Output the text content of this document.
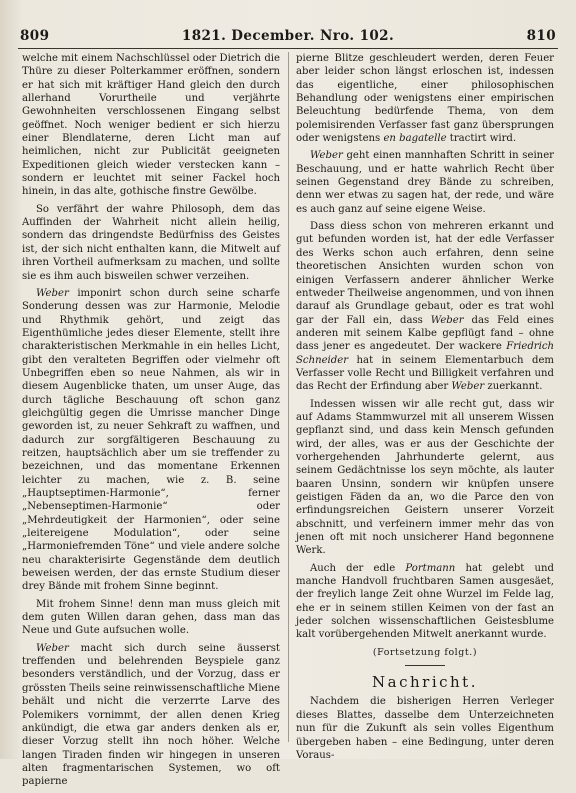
809	1821. December. Nro. 102.	810

welche mit einem Nachschlüssel oder Dietrich die Thüre zu dieser Polterkammer eröffnen, sondern er hat sich mit kräftiger Hand gleich den durch allerhand Vorurtheile und verjährte Gewohnheiten verschlossenen Eingang selbst geöffnet. Noch weniger bedient er sich hierzu einer Blendlaterne, deren Licht man auf heimlichen, nicht zur Publicität geeigneten Expeditionen gleich wieder verstecken kann – sondern er leuchtet mit seiner Fackel hoch hinein, in das alte, gothische finstre Gewölbe.

So verfährt der wahre Philosoph, dem das Auffinden der Wahrheit nicht allein heilig, sondern das dringendste Bedürfniss des Geistes ist, der sich nicht enthalten kann, die Mitwelt auf ihren Vortheil aufmerksam zu machen, und sollte sie es ihm auch bisweilen schwer verzeihen.

Weber imponirt schon durch seine scharfe Sonderung dessen was zur Harmonie, Melodie und Rhythmik gehört, und zeigt das Eigenthümliche jedes dieser Elemente, stellt ihre charakteristischen Merkmahle in ein helles Licht, gibt den veralteten Begriffen oder vielmehr oft Unbegriffen eben so neue Nahmen, als wir in diesem Augenblicke thaten, um unser Auge, das durch tägliche Beschauung oft schon ganz gleichgültig gegen die Umrisse mancher Dinge geworden ist, zu neuer Sehkraft zu waffnen, und dadurch zur sorgfältigeren Beschauung zu reitzen, hauptsächlich aber um sie treffender zu bezeichnen, und das momentane Erkennen leichter zu machen, wie z. B. seine „Hauptseptimen-Harmonie“, ferner „Nebenseptimen-Harmonie“ oder „Mehrdeutigkeit der Harmonien“, oder seine „leitereigene Modulation“, oder seine „Harmoniefremden Töne“ und viele andere solche neu charakterisirte Gegenstände dem deutlich beweisen werden, der das ernste Studium dieser drey Bände mit frohem Sinne beginnt.

Mit frohem Sinne! denn man muss gleich mit dem guten Willen daran gehen, dass man das Neue und Gute aufsuchen wolle.

Weber macht sich durch seine äusserst treffenden und belehrenden Beyspiele ganz besonders verständlich, und der Vorzug, dass er grössten Theils seine reinwissenschaftliche Miene behält und nicht die verzerrte Larve des Polemikers vornimmt, der allen denen Krieg ankündigt, die etwa gar anders denken als er, dieser Vorzug stellt ihn noch höher. Welche langen Tiraden finden wir hingegen in unseren alten fragmentarischen Systemen, wo oft papierne

pierne Blitze geschleudert werden, deren Feuer aber leider schon längst erloschen ist, indessen das eigentliche, einer philosophischen Behandlung oder wenigstens einer empirischen Beleuchtung bedürfende Thema, von dem polemisirenden Verfasser fast ganz übersprungen oder wenigstens en bagatelle tractirt wird.

Weber geht einen mannhaften Schritt in seiner Beschauung, und er hatte wahrlich Recht über seinen Gegenstand drey Bände zu schreiben, denn wer etwas zu sagen hat, der rede, und wäre es auch ganz auf seine eigene Weise.

Dass diess schon von mehreren erkannt und gut befunden worden ist, hat der edle Verfasser des Werks schon auch erfahren, denn seine theoretischen Ansichten wurden schon von einigen Verfassern anderer ähnlicher Werke entweder Theilweise angenommen, und von ihnen darauf als Grundlage gebaut, oder es trat wohl gar der Fall ein, dass Weber das Feld eines anderen mit seinem Kalbe gepflügt fand – ohne dass jener es angedeutet. Der wackere Friedrich Schneider hat in seinem Elementarbuch dem Verfasser volle Recht und Billigkeit verfahren und das Recht der Erfindung aber Weber zuerkannt.

Indessen wissen wir alle recht gut, dass wir auf Adams Stammwurzel mit all unserem Wissen gepflanzt sind, und dass kein Mensch gefunden wird, der alles, was er aus der Geschichte der vorhergehenden Jahrhunderte gelernt, aus seinem Gedächtnisse los seyn möchte, als lauter baaren Unsinn, sondern wir knüpfen unsere geistigen Fäden da an, wo die Parce den von erfindungsreichen Geistern unserer Vorzeit abschnitt, und verfeinern immer mehr das von jenen oft mit noch unsicherer Hand begonnene Werk.

Auch der edle Portmann hat gelebt und manche Handvoll fruchtbaren Samen ausgesäet, der freylich lange Zeit ohne Wurzel im Felde lag, ehe er in seinem stillen Keimen von der fast an jeder solchen wissenschaftlichen Geistesblume kalt vorübergehenden Mitwelt anerkannt wurde.

(Fortsetzung folgt.)
Nachricht.

Nachdem die bisherigen Herren Verleger dieses Blattes, dasselbe dem Unterzeichneten nun für die Zukunft als sein volles Eigenthum übergeben haben – eine Bedingung, unter deren Voraus-
